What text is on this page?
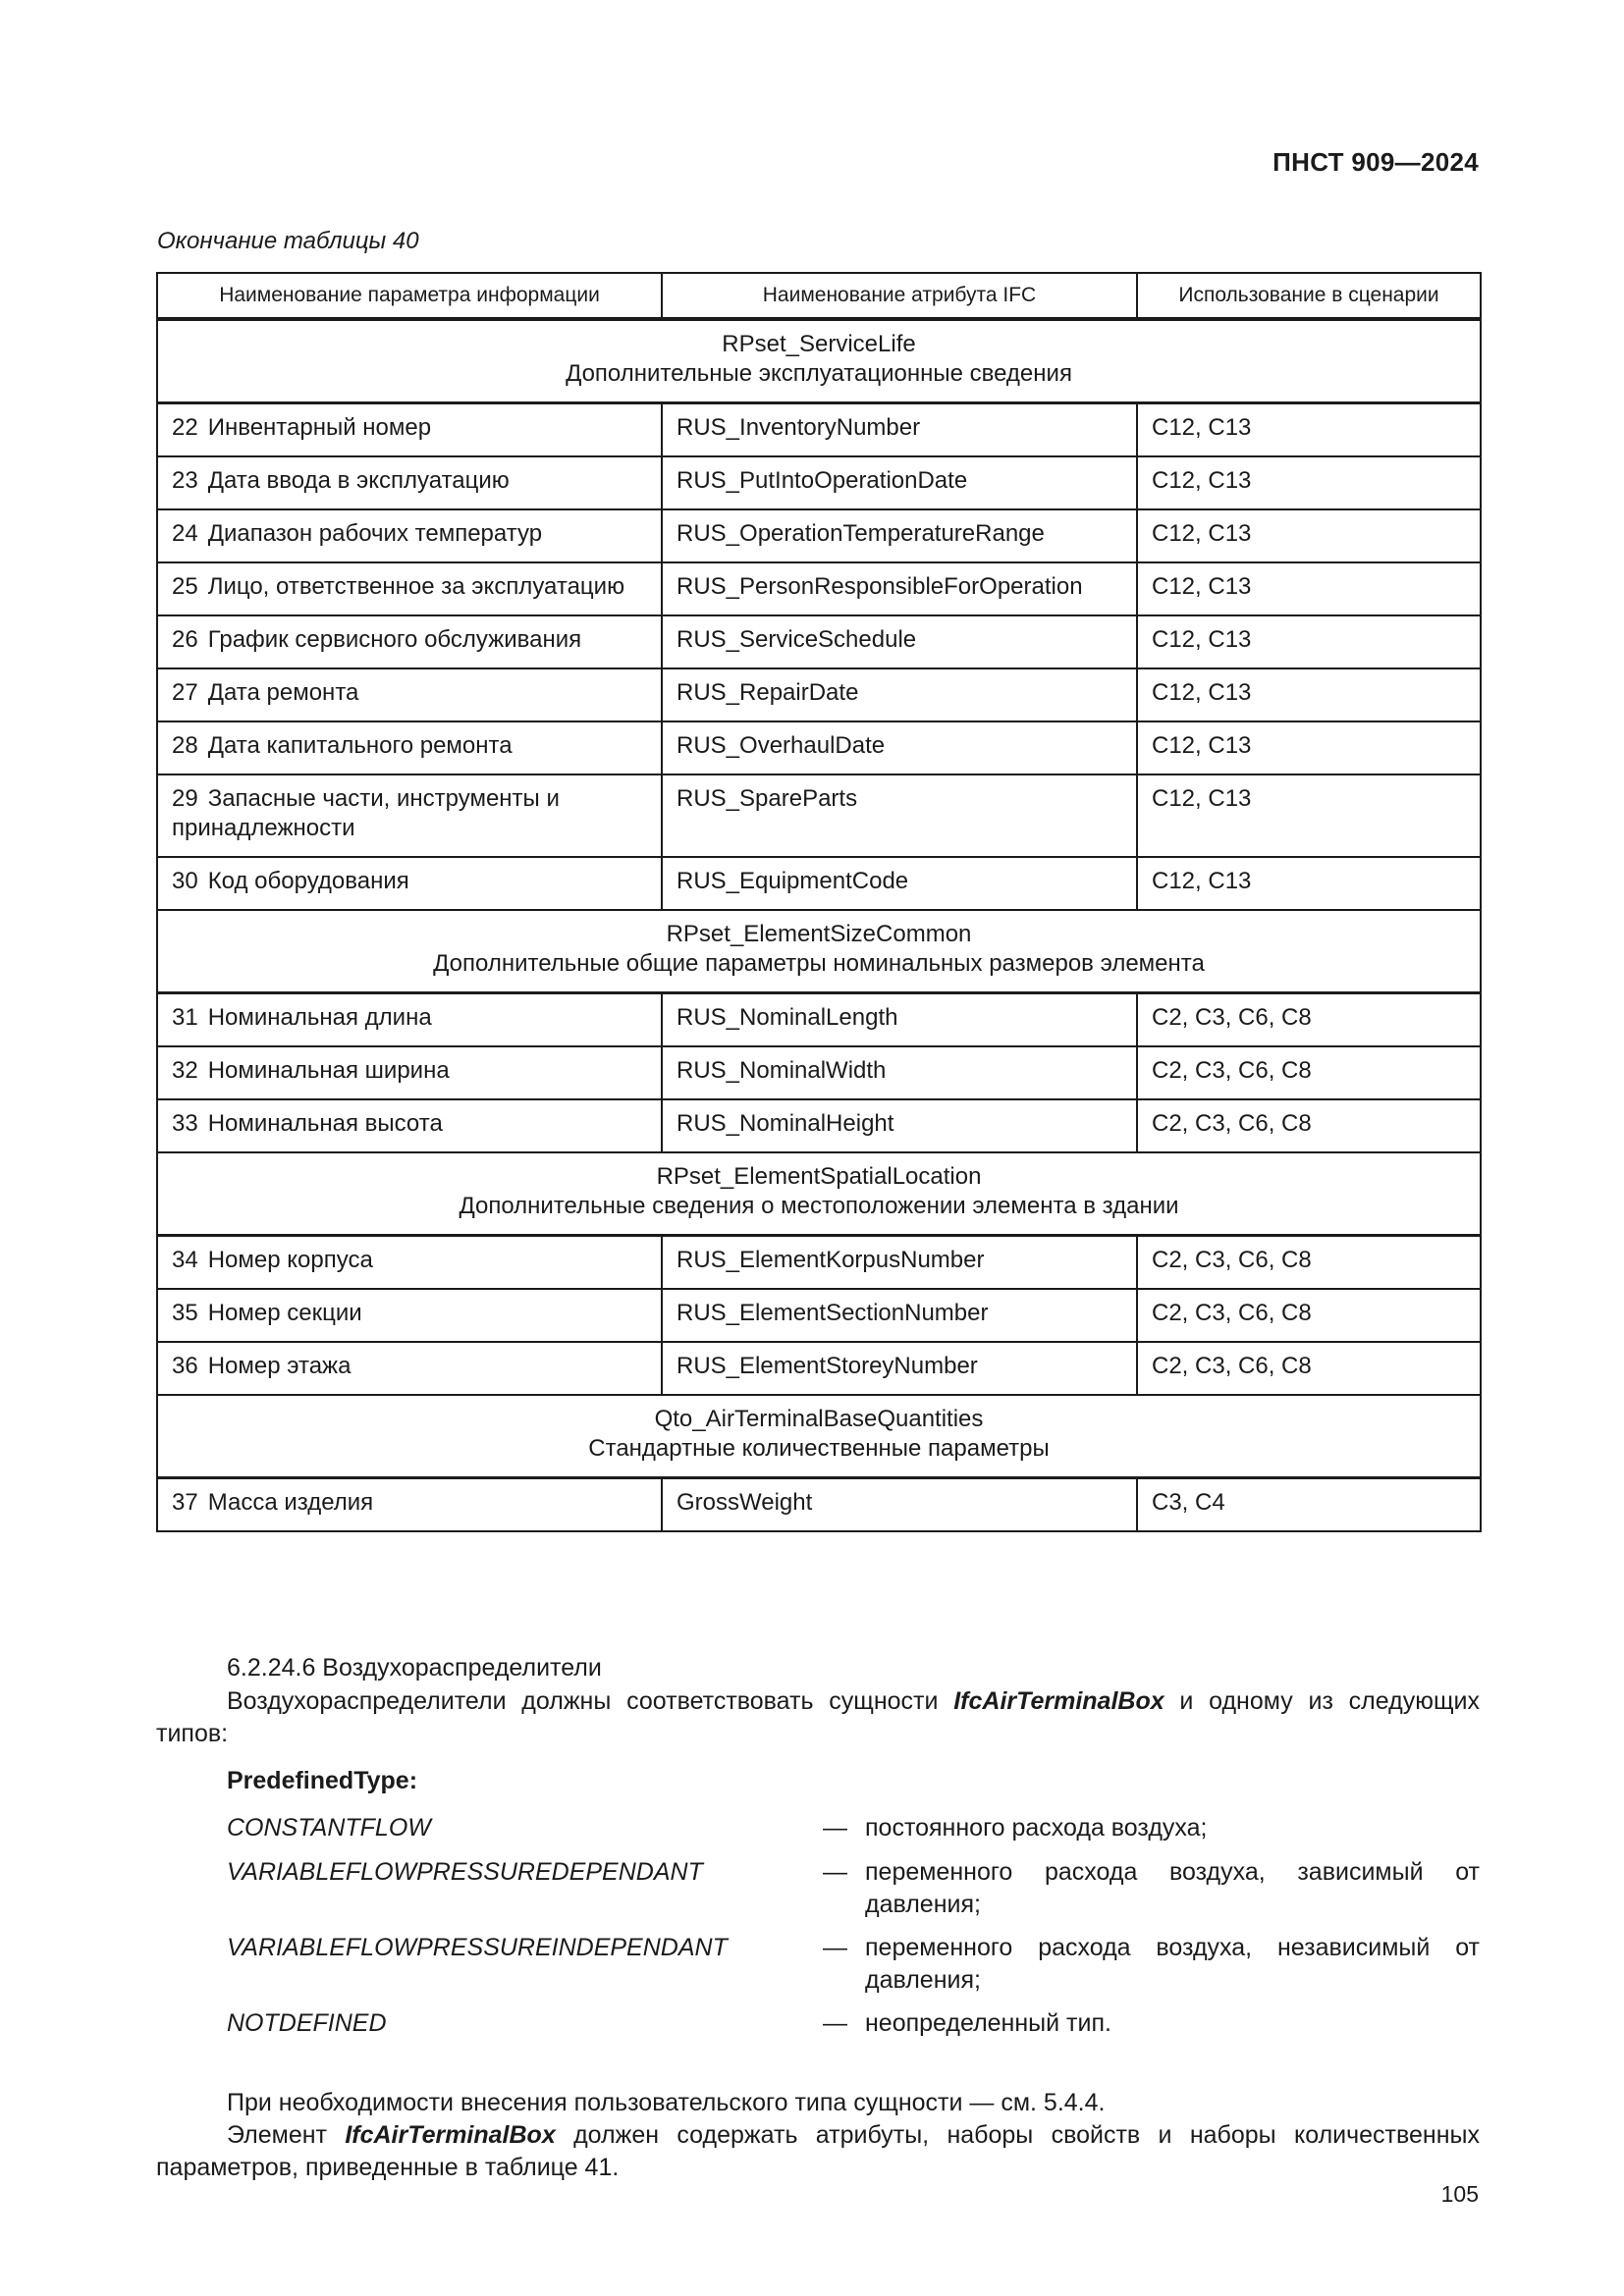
ПНСТ 909—2024
Окончание таблицы 40
Наименование параметра информации	Наименование атрибута IFC	Использование в сценарии

RPset_ServiceLife
Дополнительные эксплуатационные сведения		

22 Инвентарный номер	RUS_InventoryNumber	С12, С13
23 Дата ввода в эксплуатацию	RUS_PutIntoOperationDate	С12, С13
24 Диапазон рабочих температур	RUS_OperationTemperatureRange	С12, С13
25 Лицо, ответственное за эксплуатацию	RUS_PersonResponsibleForOperation	С12, С13
26 График сервисного обслуживания	RUS_ServiceSchedule	С12, С13
27 Дата ремонта	RUS_RepairDate	С12, С13
28 Дата капитального ремонта	RUS_OverhaulDate	С12, С13
29 Запасные части, инструменты и принадлежности	RUS_SpareParts	С12, С13
30 Код оборудования	RUS_EquipmentCode	С12, С13

RPset_ElementSizeCommon
Дополнительные общие параметры номинальных размеров элемента		

31 Номинальная длина	RUS_NominalLength	С2, С3, С6, С8
32 Номинальная ширина	RUS_NominalWidth	С2, С3, С6, С8
33 Номинальная высота	RUS_NominalHeight	С2, С3, С6, С8

RPset_ElementSpatialLocation
Дополнительные сведения о местоположении элемента в здании		

34 Номер корпуса	RUS_ElementKorpusNumber	С2, С3, С6, С8
35 Номер секции	RUS_ElementSectionNumber	С2, С3, С6, С8
36 Номер этажа	RUS_ElementStoreyNumber	С2, С3, С6, С8

Qto_AirTerminalBaseQuantities
Стандартные количественные параметры		

37 Масса изделия	GrossWeight	С3, С4
6.2.24.6 Воздухораспределители
Воздухораспределители должны соответствовать сущности IfcAirTerminalBox и одному из следующих типов:
PredefinedType:
CONSTANTFLOW	— постоянного расхода воздуха;
VARIABLEFLOWPRESSUREDEPENDANT	— переменного расхода воздуха, зависимый от давления;
VARIABLEFLOWPRESSUREINDEPENDANT	— переменного расхода воздуха, независимый от давления;
NOTDEFINED	— неопределенный тип.
При необходимости внесения пользовательского типа сущности — см. 5.4.4.
Элемент IfcAirTerminalBox должен содержать атрибуты, наборы свойств и наборы количественных параметров, приведенные в таблице 41.
105
